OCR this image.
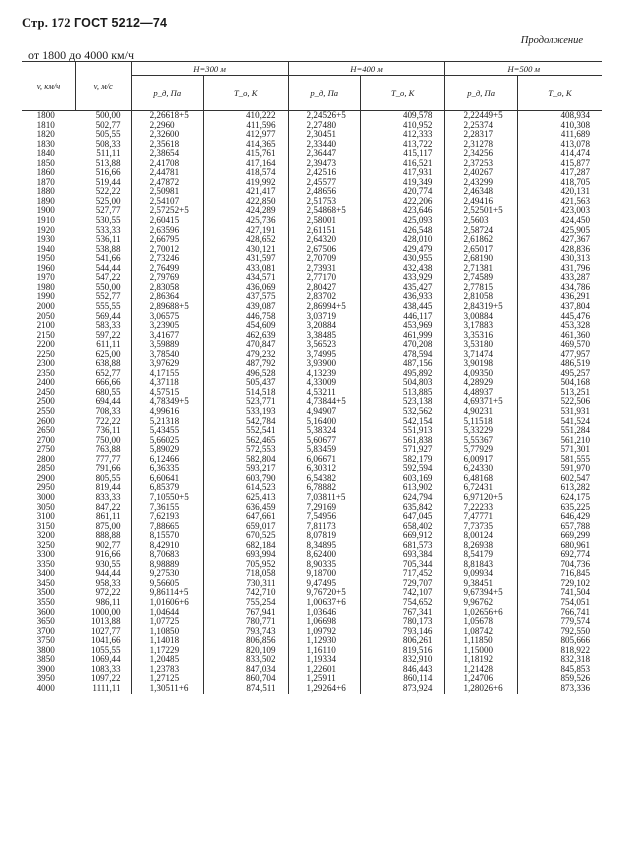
Стр. 172 ГОСТ 5212—74
Продолжение
от 1800 до 4000 км/ч
v, км/ч	v, м/с	H=300 м		H=400 м		H=500 м	
		p_д, Па	T_o, К	p_д, Па	T_o, К	p_д, Па	T_o, К
1800	500,00	2,26618+5	410,222	2,24526+5	409,578	2,22449+5	408,934
1810	502,77	2,2960	411,596	2,27480	410,952	2,25374	410,308
1820	505,55	2,32600	412,977	2,30451	412,333	2,28317	411,689
1830	508,33	2,35618	414,365	2,33440	413,722	2,31278	413,078
1840	511,11	2,38654	415,761	2,36447	415,117	2,34256	414,474
1850	513,88	2,41708	417,164	2,39473	416,521	2,37253	415,877
1860	516,66	2,44781	418,574	2,42516	417,931	2,40267	417,287
1870	519,44	2,47872	419,992	2,45577	419,349	2,43299	418,705
1880	522,22	2,50981	421,417	2,48656	420,774	2,46348	420,131
1890	525,00	2,54107	422,850	2,51753	422,206	2,49416	421,563
1900	527,77	2,57252+5	424,289	2,54868+5	423,646	2,52501+5	423,003
1910	530,55	2,60415	425,736	2,58001	425,093	2,5603	424,450
1920	533,33	2,63596	427,191	2,61151	426,548	2,58724	425,905
1930	536,11	2,66795	428,652	2,64320	428,010	2,61862	427,367
1940	538,88	2,70012	430,121	2,67506	429,479	2,65017	428,836
1950	541,66	2,73246	431,597	2,70709	430,955	2,68190	430,313
1960	544,44	2,76499	433,081	2,73931	432,438	2,71381	431,796
1970	547,22	2,79769	434,571	2,77170	433,929	2,74589	433,287
1980	550,00	2,83058	436,069	2,80427	435,427	2,77815	434,786
1990	552,77	2,86364	437,575	2,83702	436,933	2,81058	436,291
2000	555,55	2,89688+5	439,087	2,86994+5	438,445	2,84319+5	437,804
2050	569,44	3,06575	446,758	3,03719	446,117	3,00884	445,476
2100	583,33	3,23905	454,609	3,20884	453,969	3,17883	453,328
2150	597,22	3,41677	462,639	3,38485	461,999	3,35316	461,360
2200	611,11	3,59889	470,847	3,56523	470,208	3,53180	469,570
2250	625,00	3,78540	479,232	3,74995	478,594	3,71474	477,957
2300	638,88	3,97629	487,792	3,93900	487,156	3,90198	486,519
2350	652,77	4,17155	496,528	4,13239	495,892	4,09350	495,257
2400	666,66	4,37118	505,437	4,33009	504,803	4,28929	504,168
2450	680,55	4,57515	514,518	4,53211	513,885	4,48937	513,251
2500	694,44	4,78349+5	523,771	4,73844+5	523,138	4,69371+5	522,506
2550	708,33	4,99616	533,193	4,94907	532,562	4,90231	531,931
2600	722,22	5,21318	542,784	5,16400	542,154	5,11518	541,524
2650	736,11	5,43455	552,541	5,38324	551,913	5,33229	551,284
2700	750,00	5,66025	562,465	5,60677	561,838	5,55367	561,210
2750	763,88	5,89029	572,553	5,83459	571,927	5,77929	571,301
2800	777,77	6,12466	582,804	6,06671	582,179	6,00917	581,555
2850	791,66	6,36335	593,217	6,30312	592,594	6,24330	591,970
2900	805,55	6,60641	603,790	6,54382	603,169	6,48168	602,547
2950	819,44	6,85379	614,523	6,78882	613,902	6,72431	613,282
3000	833,33	7,10550+5	625,413	7,03811+5	624,794	6,97120+5	624,175
3050	847,22	7,36155	636,459	7,29169	635,842	7,22233	635,225
3100	861,11	7,62193	647,661	7,54956	647,045	7,47771	646,429
3150	875,00	7,88665	659,017	7,81173	658,402	7,73735	657,788
3200	888,88	8,15570	670,525	8,07819	669,912	8,00124	669,299
3250	902,77	8,42910	682,184	8,34895	681,573	8,26938	680,961
3300	916,66	8,70683	693,994	8,62400	693,384	8,54179	692,774
3350	930,55	8,98889	705,952	8,90335	705,344	8,81843	704,736
3400	944,44	9,27530	718,058	9,18700	717,452	9,09934	716,845
3450	958,33	9,56605	730,311	9,47495	729,707	9,38451	729,102
3500	972,22	9,86114+5	742,710	9,76720+5	742,107	9,67394+5	741,504
3550	986,11	1,01606+6	755,254	1,00637+6	754,652	9,96762	754,051
3600	1000,00	1,04644	767,941	1,03646	767,341	1,02656+6	766,741
3650	1013,88	1,07725	780,771	1,06698	780,173	1,05678	779,574
3700	1027,77	1,10850	793,743	1,09792	793,146	1,08742	792,550
3750	1041,66	1,14018	806,856	1,12930	806,261	1,11850	805,666
3800	1055,55	1,17229	820,109	1,16110	819,516	1,15000	818,922
3850	1069,44	1,20485	833,502	1,19334	832,910	1,18192	832,318
3900	1083,33	1,23783	847,034	1,22601	846,443	1,21428	845,853
3950	1097,22	1,27125	860,704	1,25911	860,114	1,24706	859,526
4000	1111,11	1,30511+6	874,511	1,29264+6	873,924	1,28026+6	873,336
